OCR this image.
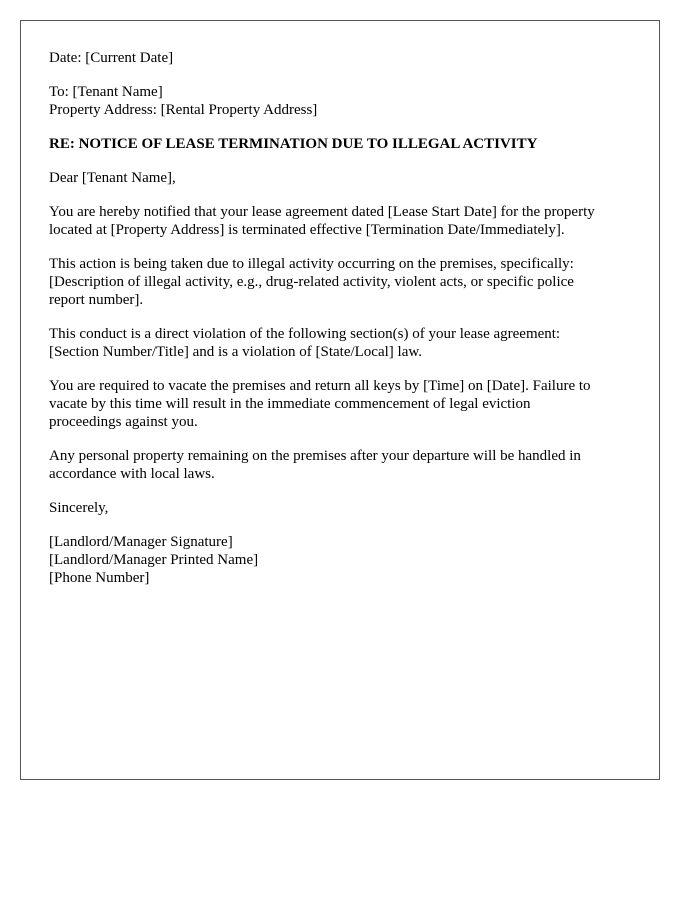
Date: [Current Date]
To: [Tenant Name]
Property Address: [Rental Property Address]
RE: NOTICE OF LEASE TERMINATION DUE TO ILLEGAL ACTIVITY
Dear [Tenant Name],
You are hereby notified that your lease agreement dated [Lease Start Date] for the property
located at [Property Address] is terminated effective [Termination Date/Immediately].
This action is being taken due to illegal activity occurring on the premises, specifically:
[Description of illegal activity, e.g., drug-related activity, violent acts, or specific police
report number].
This conduct is a direct violation of the following section(s) of your lease agreement:
[Section Number/Title] and is a violation of [State/Local] law.
You are required to vacate the premises and return all keys by [Time] on [Date]. Failure to
vacate by this time will result in the immediate commencement of legal eviction
proceedings against you.
Any personal property remaining on the premises after your departure will be handled in
accordance with local laws.
Sincerely,
[Landlord/Manager Signature]
[Landlord/Manager Printed Name]
[Phone Number]
